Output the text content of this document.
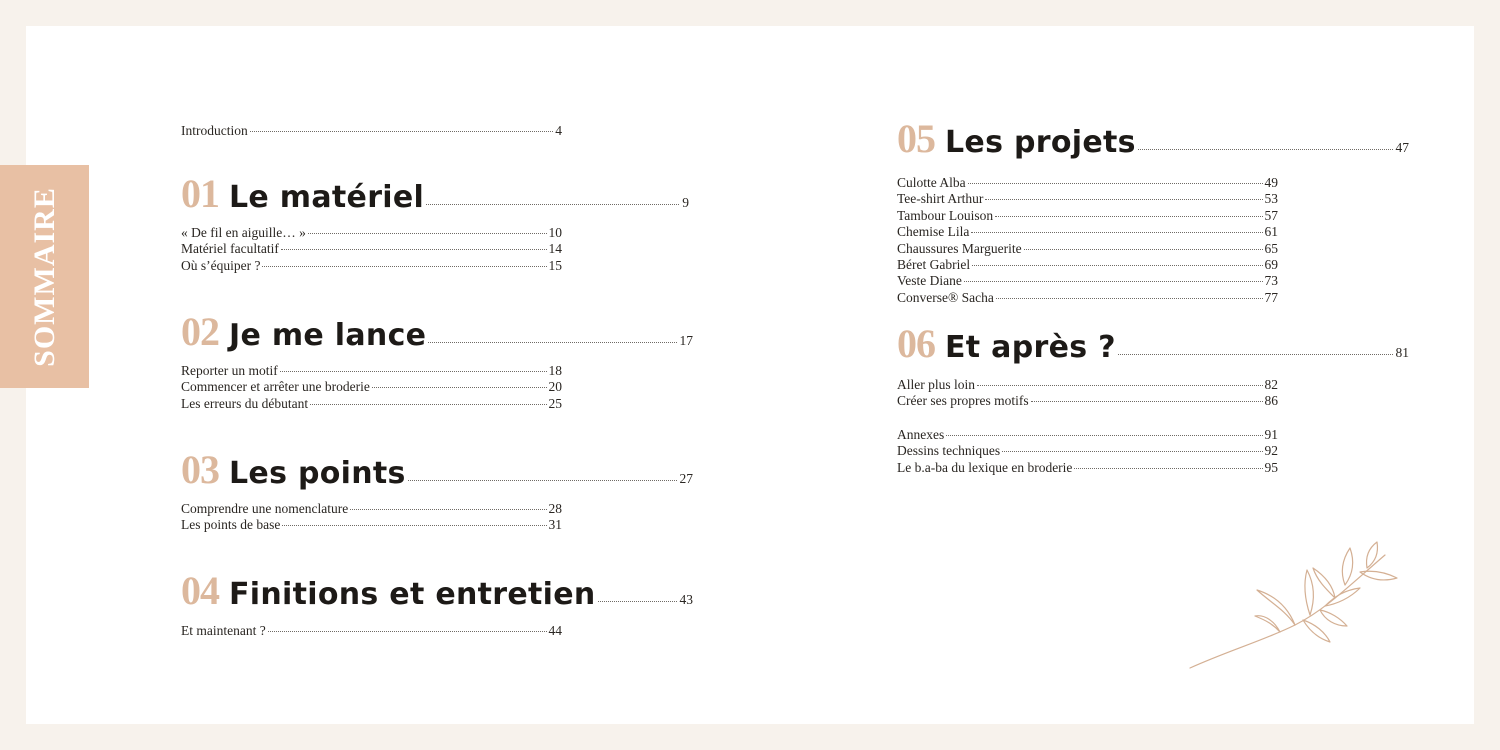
SOMMAIRE
Introduction	4
01 Le matériel	9
« De fil en aiguille… »	10
Matériel facultatif	14
Où s’équiper ?	15
02 Je me lance	17
Reporter un motif	18
Commencer et arrêter une broderie	20
Les erreurs du débutant	25
03 Les points	27
Comprendre une nomenclature	28
Les points de base	31
04 Finitions et entretien	43
Et maintenant ?	44
05 Les projets	47
Culotte Alba	49
Tee-shirt Arthur	53
Tambour Louison	57
Chemise Lila	61
Chaussures Marguerite	65
Béret Gabriel	69
Veste Diane	73
Converse® Sacha	77
06 Et après ?	81
Aller plus loin	82
Créer ses propres motifs	86
Annexes	91
Dessins techniques	92
Le b.a-ba du lexique en broderie	95
